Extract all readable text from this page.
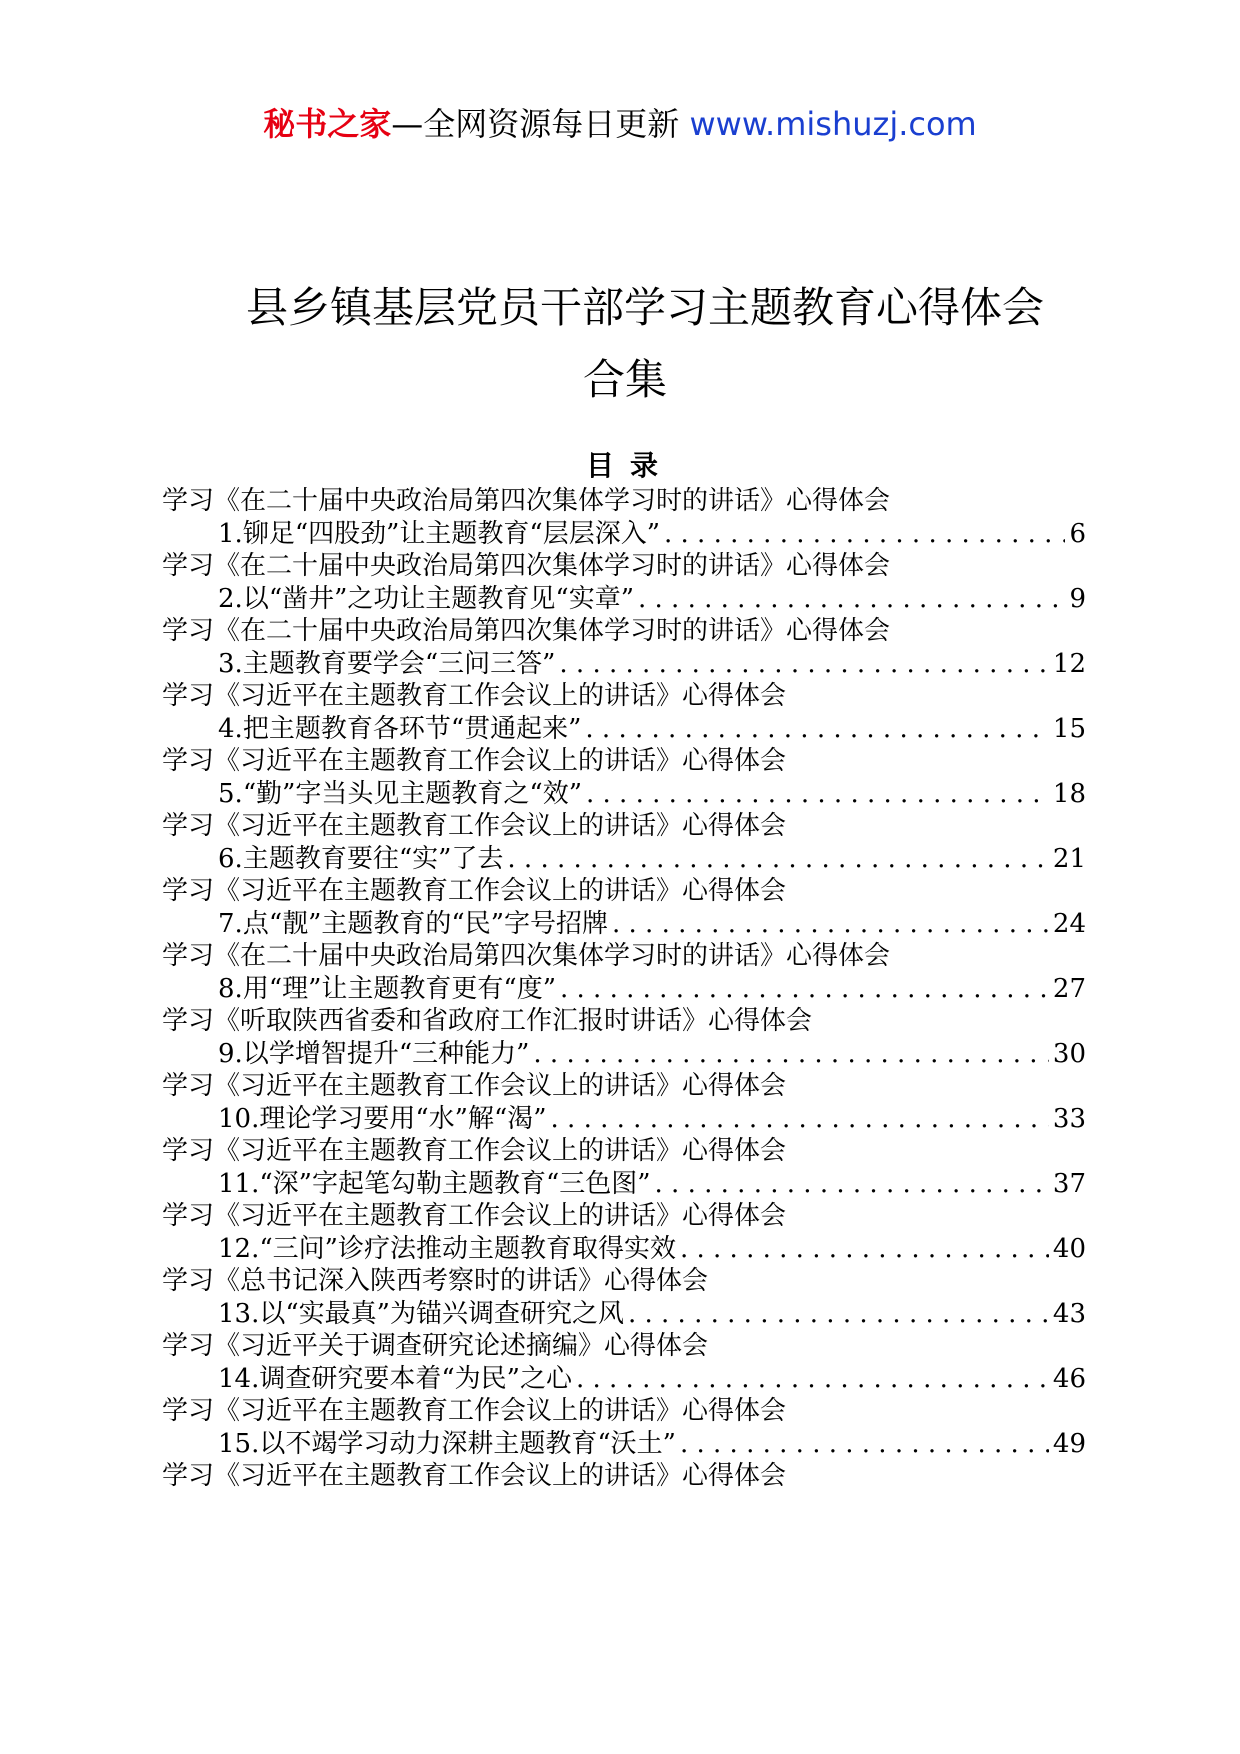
秘书之家—全网资源每日更新 www.mishuzj.com
县乡镇基层党员干部学习主题教育心得体会
合集
目录
学习《在二十届中央政治局第四次集体学习时的讲话》心得体会
1. 铆足“四股劲”让主题教育“层层深入” . . .	6
学习《在二十届中央政治局第四次集体学习时的讲话》心得体会
2. 以“凿井”之功让主题教育见“实章” . . .	9
学习《在二十届中央政治局第四次集体学习时的讲话》心得体会
3. 主题教育要学会“三问三答” . . .	12
学习《习近平在主题教育工作会议上的讲话》心得体会
4. 把主题教育各环节“贯通起来” . . .	15
学习《习近平在主题教育工作会议上的讲话》心得体会
5. “勤”字当头见主题教育之“效” . . .	18
学习《习近平在主题教育工作会议上的讲话》心得体会
6. 主题教育要往“实”了去 . . .	21
学习《习近平在主题教育工作会议上的讲话》心得体会
7. 点“靓”主题教育的“民”字号招牌 . . .	24
学习《在二十届中央政治局第四次集体学习时的讲话》心得体会
8. 用“理”让主题教育更有“度” . . .	27
学习《听取陕西省委和省政府工作汇报时讲话》心得体会
9. 以学增智提升“三种能力” . . .	30
学习《习近平在主题教育工作会议上的讲话》心得体会
10. 理论学习要用“水”解“渴” . . .	33
学习《习近平在主题教育工作会议上的讲话》心得体会
11. “深”字起笔勾勒主题教育“三色图” . . .	37
学习《习近平在主题教育工作会议上的讲话》心得体会
12. “三问”诊疗法推动主题教育取得实效 . . .	40
学习《总书记深入陕西考察时的讲话》心得体会
13. 以“实最真”为锚兴调查研究之风 . . .	43
学习《习近平关于调查研究论述摘编》心得体会
14. 调查研究要本着“为民”之心 . . .	46
学习《习近平在主题教育工作会议上的讲话》心得体会
15. 以不竭学习动力深耕主题教育“沃土” . . .	49
学习《习近平在主题教育工作会议上的讲话》心得体会
